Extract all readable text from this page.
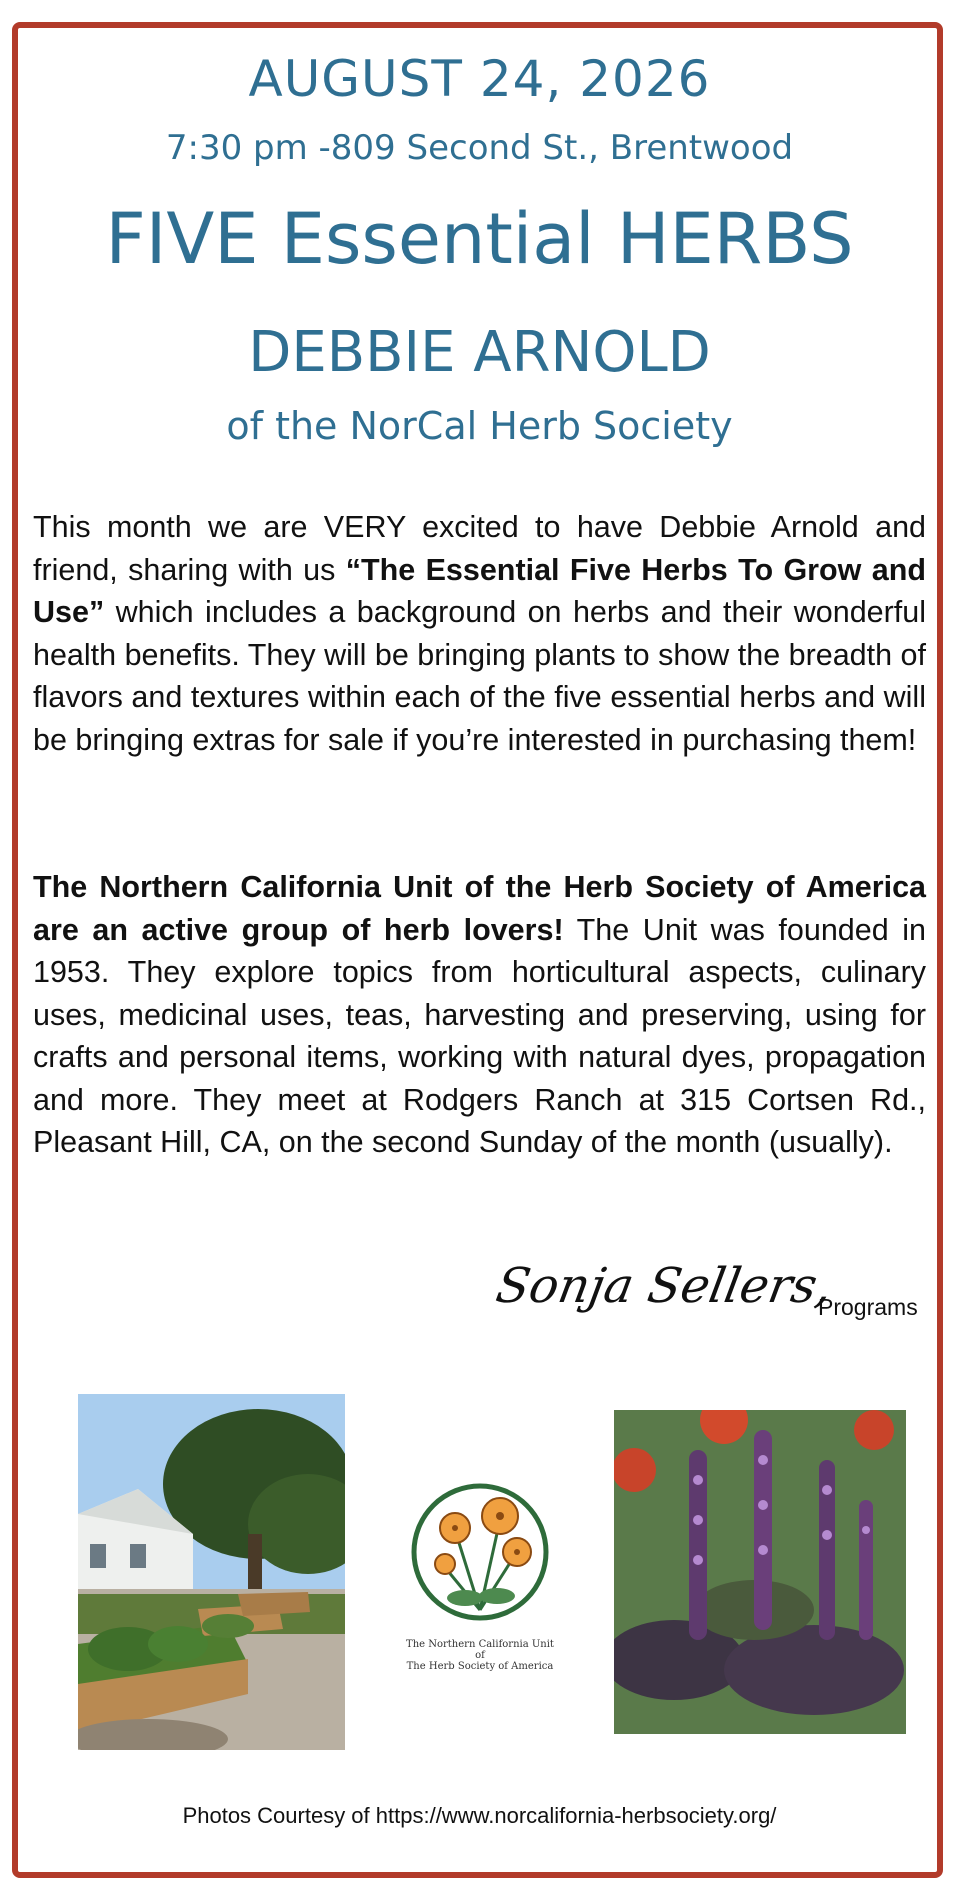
AUGUST 24, 2026
7:30 pm -809 Second St., Brentwood
FIVE Essential HERBS
DEBBIE ARNOLD
of the NorCal Herb Society

This month we are VERY excited to have Debbie Arnold and friend, sharing with us “The Essential Five Herbs To Grow and Use” which includes a background on herbs and their wonderful health benefits. They will be bringing plants to show the breadth of flavors and textures within each of the five essential herbs and will be bringing extras for sale if you’re interested in purchasing them!

The Northern California Unit of the Herb Society of America are an active group of herb lovers! The Unit was founded in 1953. They explore topics from horticultural aspects, culinary uses, medicinal uses, teas, harvesting and preserving, using for crafts and personal items, working with natural dyes, propagation and more. They meet at Rodgers Ranch at 315 Cortsen Rd., Pleasant Hill, CA, on the second Sunday of the month (usually).

Sonja Sellers,
Programs
The Northern California Unit of
The Herb Society of America
Photos Courtesy of https://www.norcalifornia-herbsociety.org/
